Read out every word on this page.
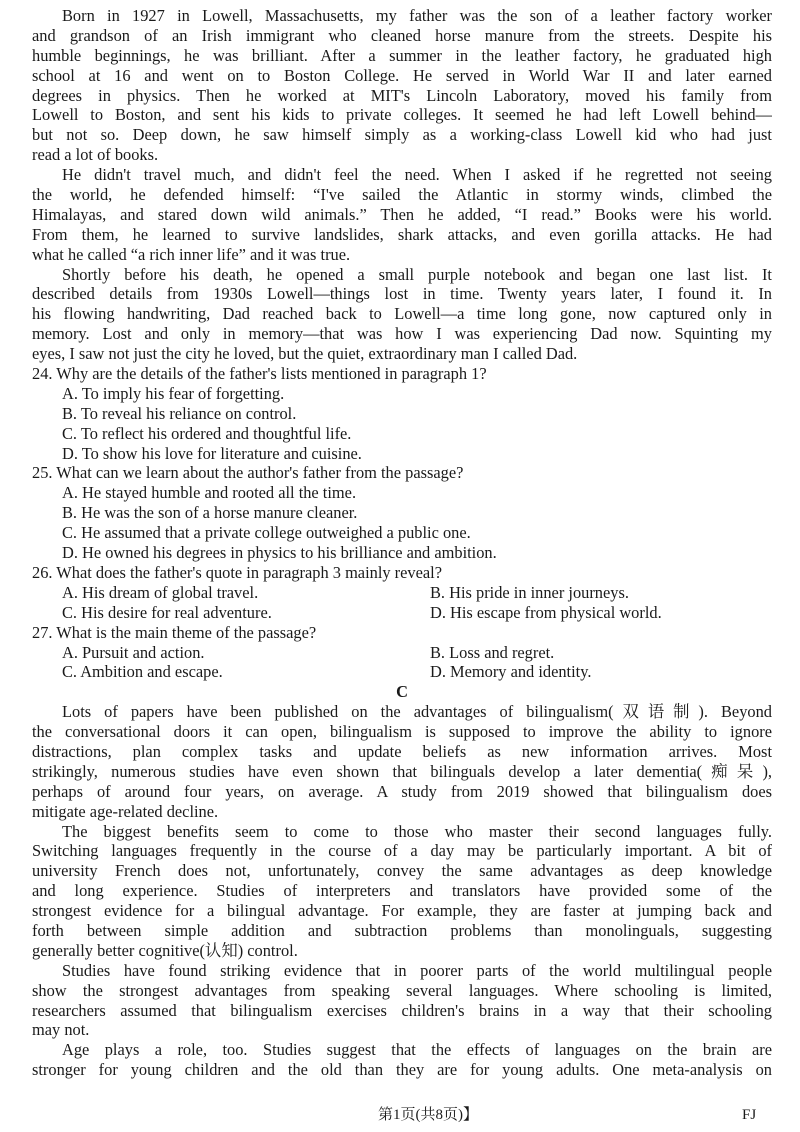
Born in 1927 in Lowell, Massachusetts, my father was the son of a leather factory worker
and grandson of an Irish immigrant who cleaned horse manure from the streets. Despite his
humble beginnings, he was brilliant. After a summer in the leather factory, he graduated high
school at 16 and went on to Boston College. He served in World War II and later earned
degrees in physics. Then he worked at MIT's Lincoln Laboratory, moved his family from
Lowell to Boston, and sent his kids to private colleges. It seemed he had left Lowell behind—
but not so. Deep down, he saw himself simply as a working-class Lowell kid who had just
read a lot of books.
He didn't travel much, and didn't feel the need. When I asked if he regretted not seeing
the world, he defended himself: “I've sailed the Atlantic in stormy winds, climbed the
Himalayas, and stared down wild animals.” Then he added, “I read.” Books were his world.
From them, he learned to survive landslides, shark attacks, and even gorilla attacks. He had
what he called “a rich inner life” and it was true.
Shortly before his death, he opened a small purple notebook and began one last list. It
described details from 1930s Lowell—things lost in time. Twenty years later, I found it. In
his flowing handwriting, Dad reached back to Lowell—a time long gone, now captured only in
memory. Lost and only in memory—that was how I was experiencing Dad now. Squinting my
eyes, I saw not just the city he loved, but the quiet, extraordinary man I called Dad.
24. Why are the details of the father's lists mentioned in paragraph 1?
A. To imply his fear of forgetting.
B. To reveal his reliance on control.
C. To reflect his ordered and thoughtful life.
D. To show his love for literature and cuisine.
25. What can we learn about the author's father from the passage?
A. He stayed humble and rooted all the time.
B. He was the son of a horse manure cleaner.
C. He assumed that a private college outweighed a public one.
D. He owned his degrees in physics to his brilliance and ambition.
26. What does the father's quote in paragraph 3 mainly reveal?
A. His dream of global travel.	B. His pride in inner journeys.
C. His desire for real adventure.	D. His escape from physical world.
27. What is the main theme of the passage?
A. Pursuit and action.	B. Loss and regret.
C. Ambition and escape.	D. Memory and identity.
C
Lots of papers have been published on the advantages of bilingualism(双语制). Beyond
the conversational doors it can open, bilingualism is supposed to improve the ability to ignore
distractions, plan complex tasks and update beliefs as new information arrives. Most
strikingly, numerous studies have even shown that bilinguals develop a later dementia(痴呆),
perhaps of around four years, on average. A study from 2019 showed that bilingualism does
mitigate age-related decline.
The biggest benefits seem to come to those who master their second languages fully.
Switching languages frequently in the course of a day may be particularly important. A bit of
university French does not, unfortunately, convey the same advantages as deep knowledge
and long experience. Studies of interpreters and translators have provided some of the
strongest evidence for a bilingual advantage. For example, they are faster at jumping back and
forth between simple addition and subtraction problems than monolinguals, suggesting
generally better cognitive(认知) control.
Studies have found striking evidence that in poorer parts of the world multilingual people
show the strongest advantages from speaking several languages. Where schooling is limited,
researchers assumed that bilingualism exercises children's brains in a way that their schooling
may not.
Age plays a role, too. Studies suggest that the effects of languages on the brain are
stronger for young children and the old than they are for young adults. One meta-analysis on
第1页(共8页)】	FJ
